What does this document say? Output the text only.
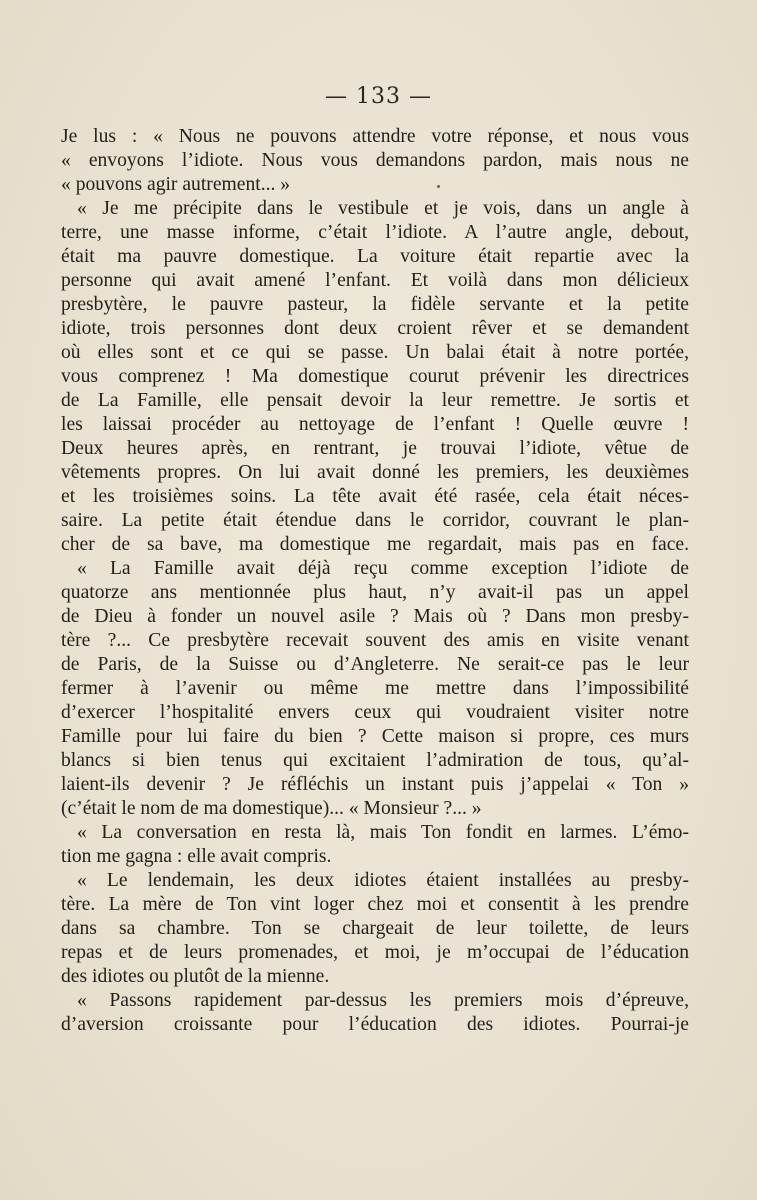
— 133 —
Je lus : « Nous ne pouvons attendre votre réponse, et nous vous
« envoyons l’idiote. Nous vous demandons pardon, mais nous ne
« pouvons agir autrement... »
« Je me précipite dans le vestibule et je vois, dans un angle à
terre, une masse informe, c’était l’idiote. A l’autre angle, debout,
était ma pauvre domestique. La voiture était repartie avec la
personne qui avait amené l’enfant. Et voilà dans mon délicieux
presbytère, le pauvre pasteur, la fidèle servante et la petite
idiote, trois personnes dont deux croient rêver et se demandent
où elles sont et ce qui se passe. Un balai était à notre portée,
vous comprenez ! Ma domestique courut prévenir les directrices
de La Famille, elle pensait devoir la leur remettre. Je sortis et
les laissai procéder au nettoyage de l’enfant ! Quelle œuvre !
Deux heures après, en rentrant, je trouvai l’idiote, vêtue de
vêtements propres. On lui avait donné les premiers, les deuxièmes
et les troisièmes soins. La tête avait été rasée, cela était néces-
saire. La petite était étendue dans le corridor, couvrant le plan-
cher de sa bave, ma domestique me regardait, mais pas en face.
« La Famille avait déjà reçu comme exception l’idiote de
quatorze ans mentionnée plus haut, n’y avait-il pas un appel
de Dieu à fonder un nouvel asile ? Mais où ? Dans mon presby-
tère ?... Ce presbytère recevait souvent des amis en visite venant
de Paris, de la Suisse ou d’Angleterre. Ne serait-ce pas le leur
fermer à l’avenir ou même me mettre dans l’impossibilité
d’exercer l’hospitalité envers ceux qui voudraient visiter notre
Famille pour lui faire du bien ? Cette maison si propre, ces murs
blancs si bien tenus qui excitaient l’admiration de tous, qu’al-
laient-ils devenir ? Je réfléchis un instant puis j’appelai « Ton »
(c’était le nom de ma domestique)... « Monsieur ?... »
« La conversation en resta là, mais Ton fondit en larmes. L’émo-
tion me gagna : elle avait compris.
« Le lendemain, les deux idiotes étaient installées au presby-
tère. La mère de Ton vint loger chez moi et consentit à les prendre
dans sa chambre. Ton se chargeait de leur toilette, de leurs
repas et de leurs promenades, et moi, je m’occupai de l’éducation
des idiotes ou plutôt de la mienne.
« Passons rapidement par-dessus les premiers mois d’épreuve,
d’aversion croissante pour l’éducation des idiotes. Pourrai-je
